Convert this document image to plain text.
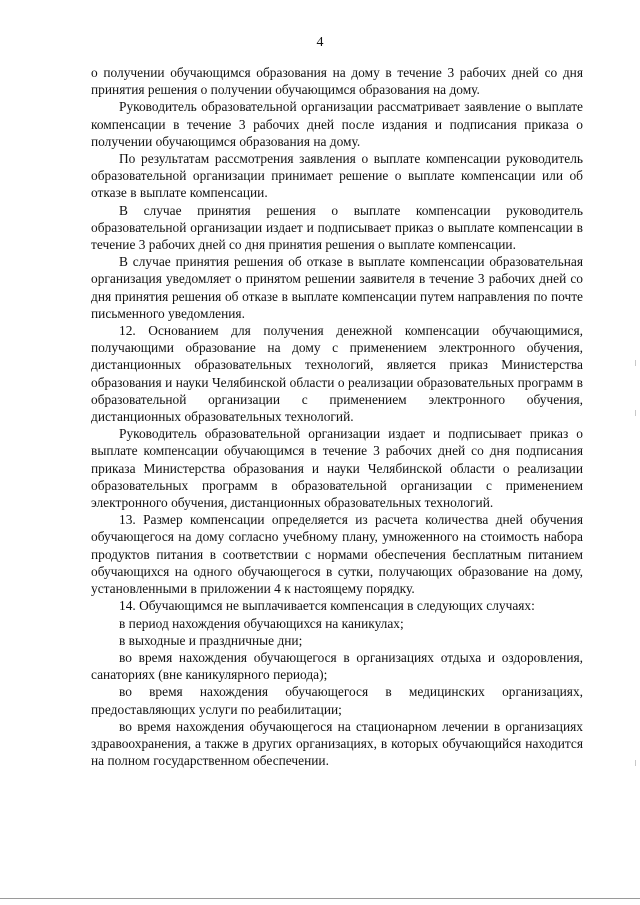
4

о получении обучающимся образования на дому в течение 3 рабочих дней со дня принятия решения о получении обучающимся образования на дому.

Руководитель образовательной организации рассматривает заявление о выплате компенсации в течение 3 рабочих дней после издания и подписания приказа о получении обучающимся образования на дому.

По результатам рассмотрения заявления о выплате компенсации руководитель образовательной организации принимает решение о выплате компенсации или об отказе в выплате компенсации.

В случае принятия решения о выплате компенсации руководитель образовательной организации издает и подписывает приказ о выплате компенсации в течение 3 рабочих дней со дня принятия решения о выплате компенсации.

В случае принятия решения об отказе в выплате компенсации образовательная организация уведомляет о принятом решении заявителя в течение 3 рабочих дней со дня принятия решения об отказе в выплате компенсации путем направления по почте письменного уведомления.

12. Основанием для получения денежной компенсации обучающимися, получающими образование на дому с применением электронного обучения, дистанционных образовательных технологий, является приказ Министерства образования и науки Челябинской области о реализации образовательных программ в образовательной организации с применением электронного обучения, дистанционных образовательных технологий.

Руководитель образовательной организации издает и подписывает приказ о выплате компенсации обучающимся в течение 3 рабочих дней со дня подписания приказа Министерства образования и науки Челябинской области о реализации образовательных программ в образовательной организации с применением электронного обучения, дистанционных образовательных технологий.

13. Размер компенсации определяется из расчета количества дней обучения обучающегося на дому согласно учебному плану, умноженного на стоимость набора продуктов питания в соответствии с нормами обеспечения бесплатным питанием обучающихся на одного обучающегося в сутки, получающих образование на дому, установленными в приложении 4 к настоящему порядку.

14. Обучающимся не выплачивается компенсация в следующих случаях:

в период нахождения обучающихся на каникулах;

в выходные и праздничные дни;

во время нахождения обучающегося в организациях отдыха и оздоровления, санаториях (вне каникулярного периода);

во время нахождения обучающегося в медицинских организациях, предоставляющих услуги по реабилитации;

во время нахождения обучающегося на стационарном лечении в организациях здравоохранения, а также в других организациях, в которых обучающийся находится на полном государственном обеспечении.
